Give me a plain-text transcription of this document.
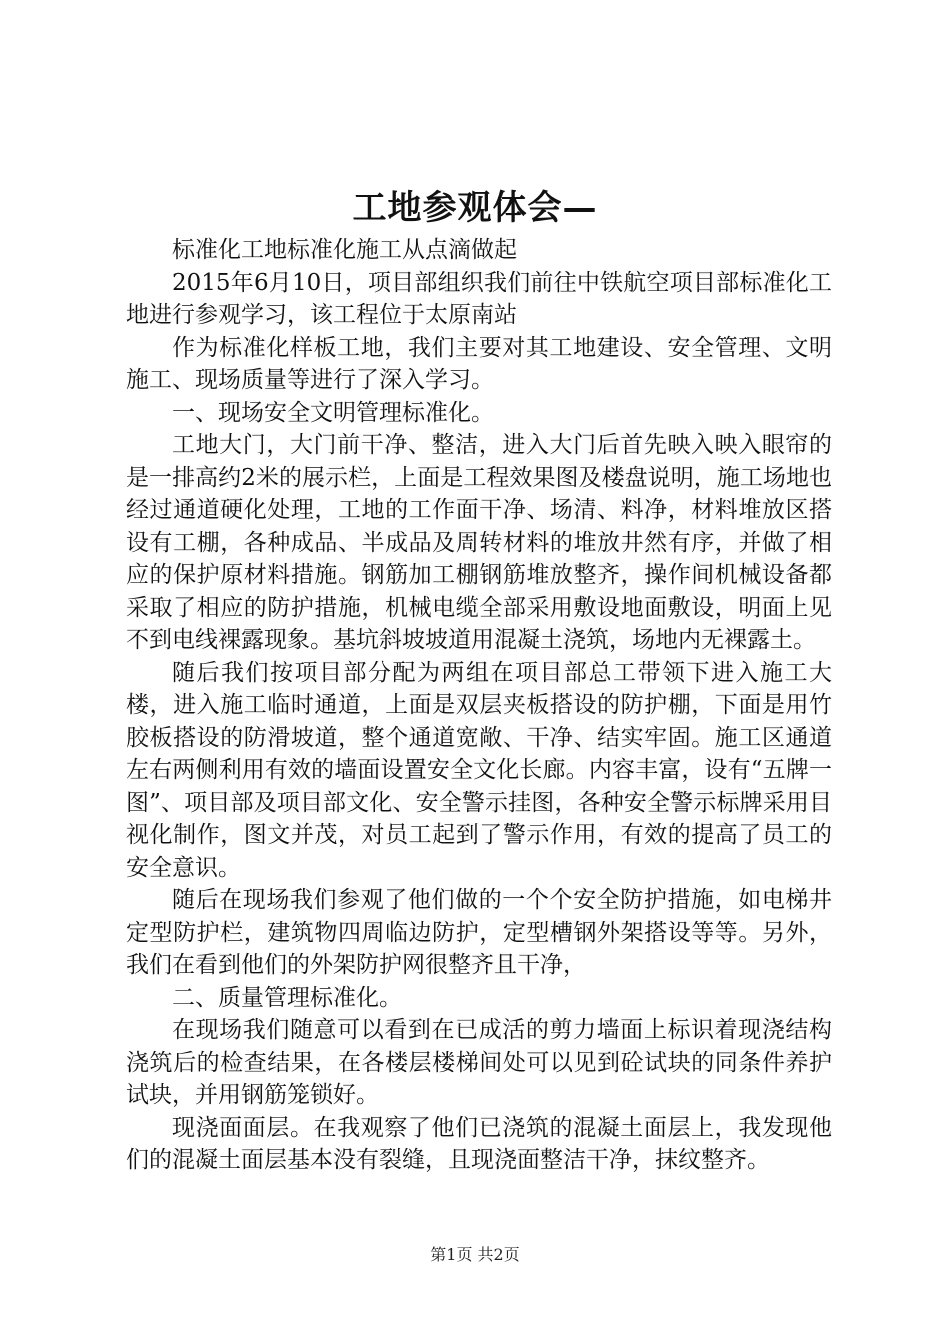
工地参观体会—

标准化工地标准化施工从点滴做起

2015年6月10日，项目部组织我们前往中铁航空项目部标准化工地进行参观学习，该工程位于太原南站

作为标准化样板工地，我们主要对其工地建设、安全管理、文明施工、现场质量等进行了深入学习。

一、现场安全文明管理标准化。

工地大门，大门前干净、整洁，进入大门后首先映入映入眼帘的是一排高约2米的展示栏，上面是工程效果图及楼盘说明，施工场地也经过通道硬化处理，工地的工作面干净、场清、料净，材料堆放区搭设有工棚，各种成品、半成品及周转材料的堆放井然有序，并做了相应的保护原材料措施。钢筋加工棚钢筋堆放整齐，操作间机械设备都采取了相应的防护措施，机械电缆全部采用敷设地面敷设，明面上见不到电线裸露现象。基坑斜坡坡道用混凝土浇筑，场地内无裸露土。

随后我们按项目部分配为两组在项目部总工带领下进入施工大楼，进入施工临时通道，上面是双层夹板搭设的防护棚，下面是用竹胶板搭设的防滑坡道，整个通道宽敞、干净、结实牢固。施工区通道左右两侧利用有效的墙面设置安全文化长廊。内容丰富，设有“五牌一图”、项目部及项目部文化、安全警示挂图，各种安全警示标牌采用目视化制作，图文并茂，对员工起到了警示作用，有效的提高了员工的安全意识。

随后在现场我们参观了他们做的一个个安全防护措施，如电梯井定型防护栏，建筑物四周临边防护，定型槽钢外架搭设等等。另外，我们在看到他们的外架防护网很整齐且干净，

二、质量管理标准化。

在现场我们随意可以看到在已成活的剪力墙面上标识着现浇结构浇筑后的检查结果，在各楼层楼梯间处可以见到砼试块的同条件养护试块，并用钢筋笼锁好。

现浇面面层。在我观察了他们已浇筑的混凝土面层上，我发现他们的混凝土面层基本没有裂缝，且现浇面整洁干净，抹纹整齐。

第1页 共2页
